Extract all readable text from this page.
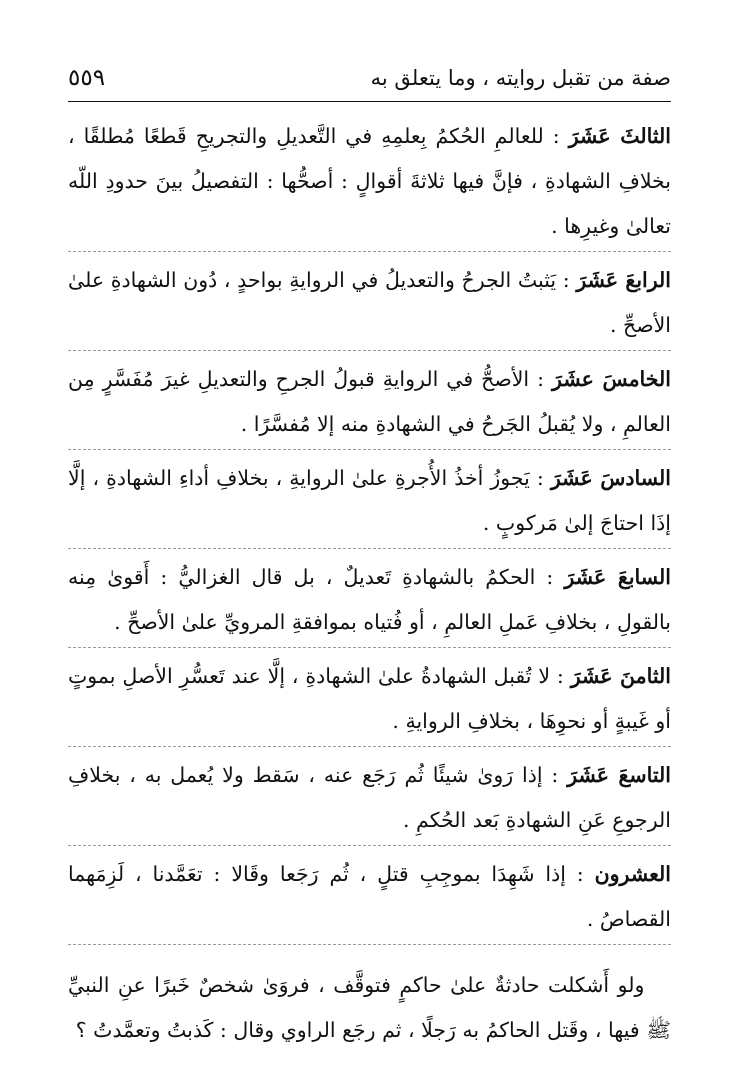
صفة من تقبل روايته ، وما يتعلق به
٥٥٩

الثالثَ عَشَرَ : للعالمِ الحُكمُ بِعلمِهِ في التَّعديلِ والتجريحِ قَطعًا مُطلقًا ، بخلافِ الشهادةِ ، فإنَّ فيها ثلاثةَ أقوالٍ : أصحُّها : التفصيلُ بينَ حدودِ اللّه تعالىٰ وغيرِها .

الرابعَ عَشَرَ : يَثبتُ الجرحُ والتعديلُ في الروايةِ بواحدٍ ، دُون الشهادةِ علىٰ الأصحِّ .

الخامسَ عشَرَ : الأصحُّ في الروايةِ قبولُ الجرحِ والتعديلِ غيرَ مُفَسَّرٍ مِن العالمِ ، ولا يُقبلُ الجَرحُ في الشهادةِ منه إلا مُفسَّرًا .

السادسَ عَشَرَ : يَجوزُ أخذُ الأُجرةِ علىٰ الروايةِ ، بخلافِ أداءِ الشهادةِ ، إلَّا إذَا احتاجَ إلىٰ مَركوبٍ .

السابعَ عَشَرَ : الحكمُ بالشهادةِ تَعديلٌ ، بل قال الغزاليُّ : أَقوىٰ مِنه بالقولِ ، بخلافِ عَملِ العالمِ ، أو فُتياه بموافقةِ المرويِّ علىٰ الأصحِّ .

الثامنَ عَشَرَ : لا تُقبل الشهادةُ علىٰ الشهادةِ ، إلَّا عند تَعسُّرِ الأصلِ بموتٍ أو غَيبةٍ أو نحوِهَا ، بخلافِ الروايةِ .

التاسعَ عَشَرَ : إذا رَوىٰ شيئًا ثُم رَجَع عنه ، سَقط ولا يُعمل به ، بخلافِ الرجوعِ عَنِ الشهادةِ بَعد الحُكمِ .

العشرون : إذا شَهِدَا بموجِبِ قتلٍ ، ثُم رَجَعا وقَالا : تعَمَّدنا ، لَزِمَهما القصاصُ .

ولو أَشكلت حادثةٌ علىٰ حاكمٍ فتوقَّف ، فروَىٰ شخصٌ خَبرًا عنِ النبيِّ ﷺ فيها ، وقَتل الحاكمُ به رَجلًا ، ثم رجَع الراوي وقال : كَذبتُ وتعمَّدتُ ؟
